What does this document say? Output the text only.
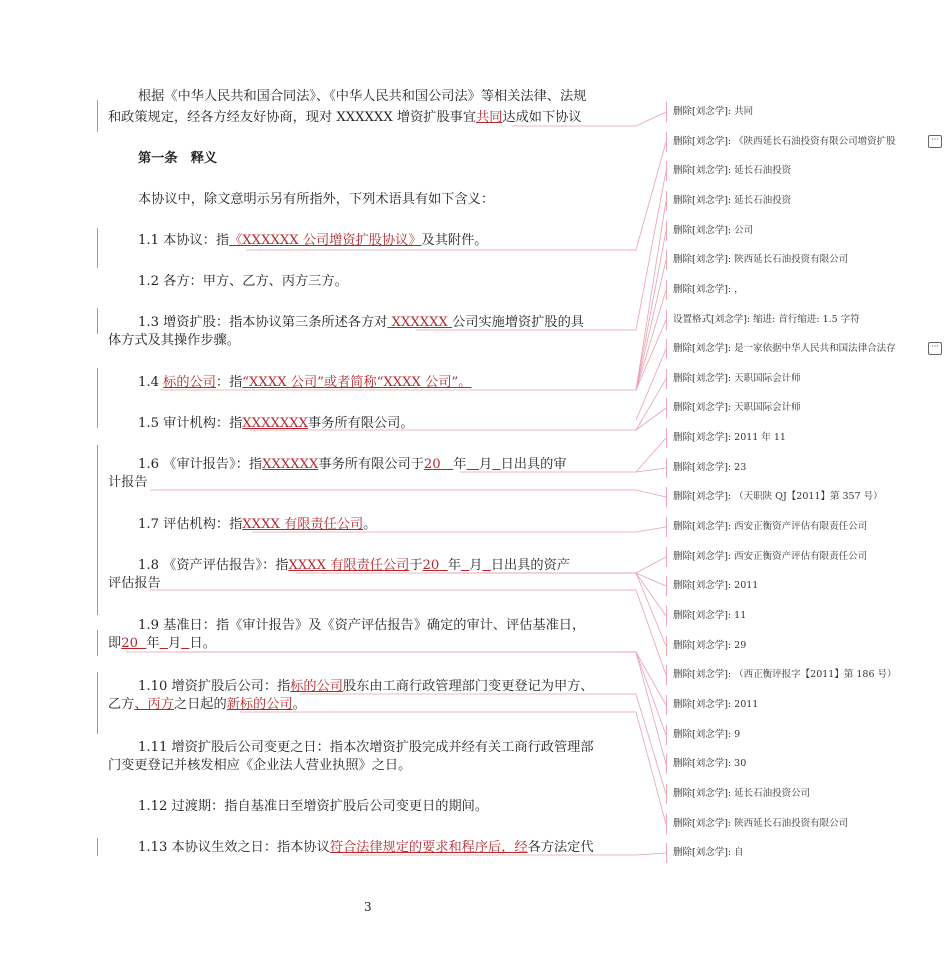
根据《中华人民共和国合同法》、《中华人民共和国公司法》等相关法律、法规
和政策规定，经各方经友好协商，现对 XXXXXX 增资扩股事宜共同达成如下协议
第一条　释义
本协议中，除文意明示另有所指外，下列术语具有如下含义：
1.1 本协议：指《XXXXXX 公司增资扩股协议》及其附件。
1.2 各方：甲方、乙方、丙方三方。
1.3 增资扩股：指本协议第三条所述各方对 XXXXXX 公司实施增资扩股的具
体方式及其操作步骤。
1.4 标的公司：指“XXXX 公司”或者简称“XXXX 公司”。
1.5 审计机构：指XXXXXXX事务所有限公司。
1.6 《审计报告》：指XXXXXX事务所有限公司于20 年 月 日出具的审
计报告
1.7 评估机构：指XXXX 有限责任公司。
1.8 《资产评估报告》：指XXXX 有限责任公司于20 年 月 日出具的资产
评估报告
1.9 基准日：指《审计报告》及《资产评估报告》确定的审计、评估基准日，
即20 年 月 日。
1.10 增资扩股后公司：指标的公司股东由工商行政管理部门变更登记为甲方、
乙方、丙方之日起的新标的公司。
1.11 增资扩股后公司变更之日：指本次增资扩股完成并经有关工商行政管理部
门变更登记并核发相应《企业法人营业执照》之日。
1.12 过渡期：指自基准日至增资扩股后公司变更日的期间。
1.13 本协议生效之日：指本协议符合法律规定的要求和程序后，经各方法定代
3
删除[刘念学]: 共同
删除[刘念学]: 《陕西延长石油投资有限公司增资扩股	···
删除[刘念学]: 延长石油投资
删除[刘念学]: 延长石油投资
删除[刘念学]: 公司
删除[刘念学]: 陕西延长石油投资有限公司
删除[刘念学]: ，
设置格式[刘念学]: 缩进: 首行缩进: 1.5 字符
删除[刘念学]: 是一家依据中华人民共和国法律合法存	···
删除[刘念学]: 天职国际会计师
删除[刘念学]: 天职国际会计师
删除[刘念学]: 2011 年 11
删除[刘念学]: 23
删除[刘念学]: （天职陕 QJ【2011】第 357 号）
删除[刘念学]: 西安正衡资产评估有限责任公司
删除[刘念学]: 西安正衡资产评估有限责任公司
删除[刘念学]: 2011
删除[刘念学]: 11
删除[刘念学]: 29
删除[刘念学]: （西正衡评报字【2011】第 186 号）
删除[刘念学]: 2011
删除[刘念学]: 9
删除[刘念学]: 30
删除[刘念学]: 延长石油投资公司
删除[刘念学]: 陕西延长石油投资有限公司
删除[刘念学]: 自
